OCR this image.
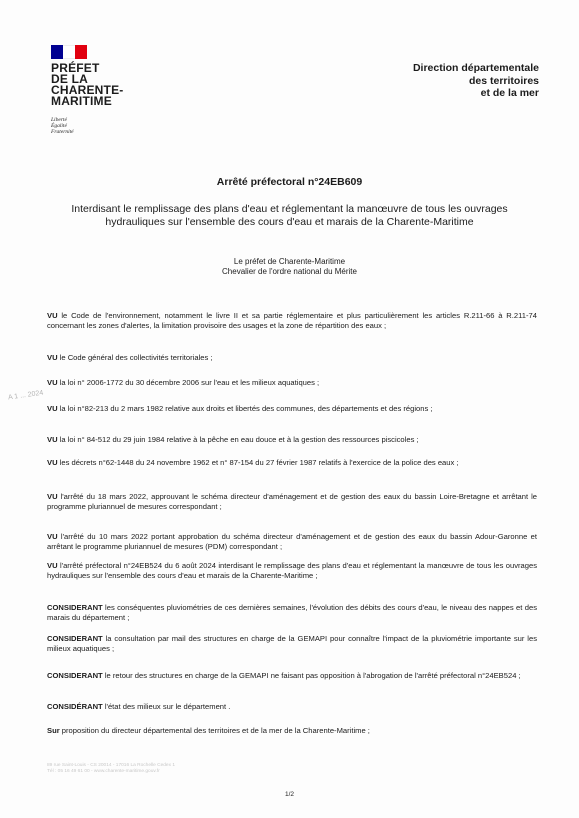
PRÉFET
DE LA
CHARENTE-
MARITIME
Liberté
Égalité
Fraternité
Direction départementale
des territoires
et de la mer
Arrêté préfectoral n°24EB609
Interdisant le remplissage des plans d'eau et réglementant la manœuvre de tous les ouvrages hydrauliques sur l'ensemble des cours d'eau et marais de la Charente-Maritime
Le préfet de Charente-Maritime
Chevalier de l'ordre national du Mérite
A 1 ... 2024

VU le Code de l'environnement, notamment le livre II et sa partie réglementaire et plus particulièrement les articles R.211-66 à R.211-74 concernant les zones d'alertes, la limitation provisoire des usages et la zone de répartition des eaux ;

VU le Code général des collectivités territoriales ;

VU la loi n° 2006-1772 du 30 décembre 2006 sur l'eau et les milieux aquatiques ;

VU la loi n°82-213 du 2 mars 1982 relative aux droits et libertés des communes, des départements et des régions ;

VU la loi n° 84-512 du 29 juin 1984 relative à la pêche en eau douce et à la gestion des ressources piscicoles ;

VU les décrets n°62-1448 du 24 novembre 1962 et n° 87-154 du 27 février 1987 relatifs à l'exercice de la police des eaux ;

VU l'arrêté du 18 mars 2022, approuvant le schéma directeur d'aménagement et de gestion des eaux du bassin Loire-Bretagne et arrêtant le programme pluriannuel de mesures correspondant ;

VU l'arrêté du 10 mars 2022 portant approbation du schéma directeur d'aménagement et de gestion des eaux du bassin Adour-Garonne et arrêtant le programme pluriannuel de mesures (PDM) correspondant ;

VU l'arrêté préfectoral n°24EB524 du 6 août 2024 interdisant le remplissage des plans d'eau et réglementant la manœuvre de tous les ouvrages hydrauliques sur l'ensemble des cours d'eau et marais de la Charente-Maritime ;

CONSIDERANT les conséquentes pluviométries de ces dernières semaines, l'évolution des débits des cours d'eau, le niveau des nappes et des marais du département ;

CONSIDERANT la consultation par mail des structures en charge de la GEMAPI pour connaître l'impact de la pluviométrie importante sur les milieux aquatiques ;

CONSIDERANT le retour des structures en charge de la GEMAPI ne faisant pas opposition à l'abrogation de l'arrêté préfectoral n°24EB524 ;

CONSIDÉRANT l'état des milieux sur le département .

Sur proposition du directeur départemental des territoires et de la mer de la Charente-Maritime ;

89 rue Saint-Louis - CS 20014 - 17016 La Rochelle Cedex 1
Tél : 05 16 49 61 00 - www.charente-maritime.gouv.fr
1/2
